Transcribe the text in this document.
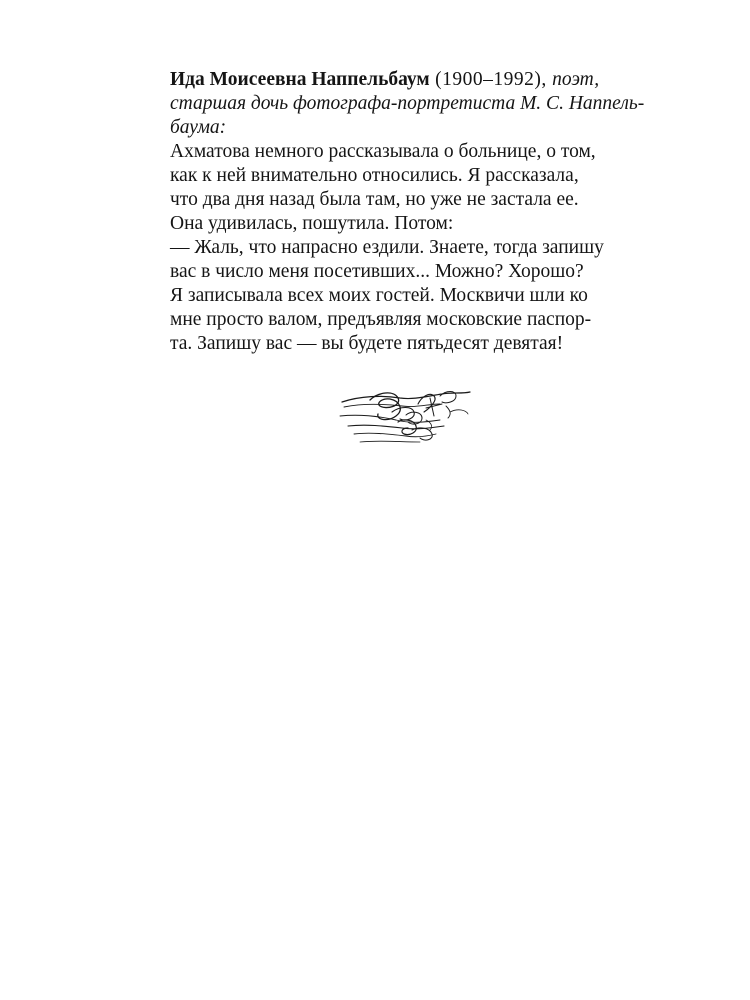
Ида Моисеевна Наппельбаум (1900–1992), поэт,
старшая дочь фотографа-портретиста М. С. Наппель-
баума:
Ахматова немного рассказывала о больнице, о том,
как к ней внимательно относились. Я рассказала,
что два дня назад была там, но уже не застала ее.
Она удивилась, пошутила. Потом:
— Жаль, что напрасно ездили. Знаете, тогда запишу
вас в число меня посетивших... Можно? Хорошо?
Я записывала всех моих гостей. Москвичи шли ко
мне просто валом, предъявляя московские паспор-
та. Запишу вас — вы будете пятьдесят девятая!
